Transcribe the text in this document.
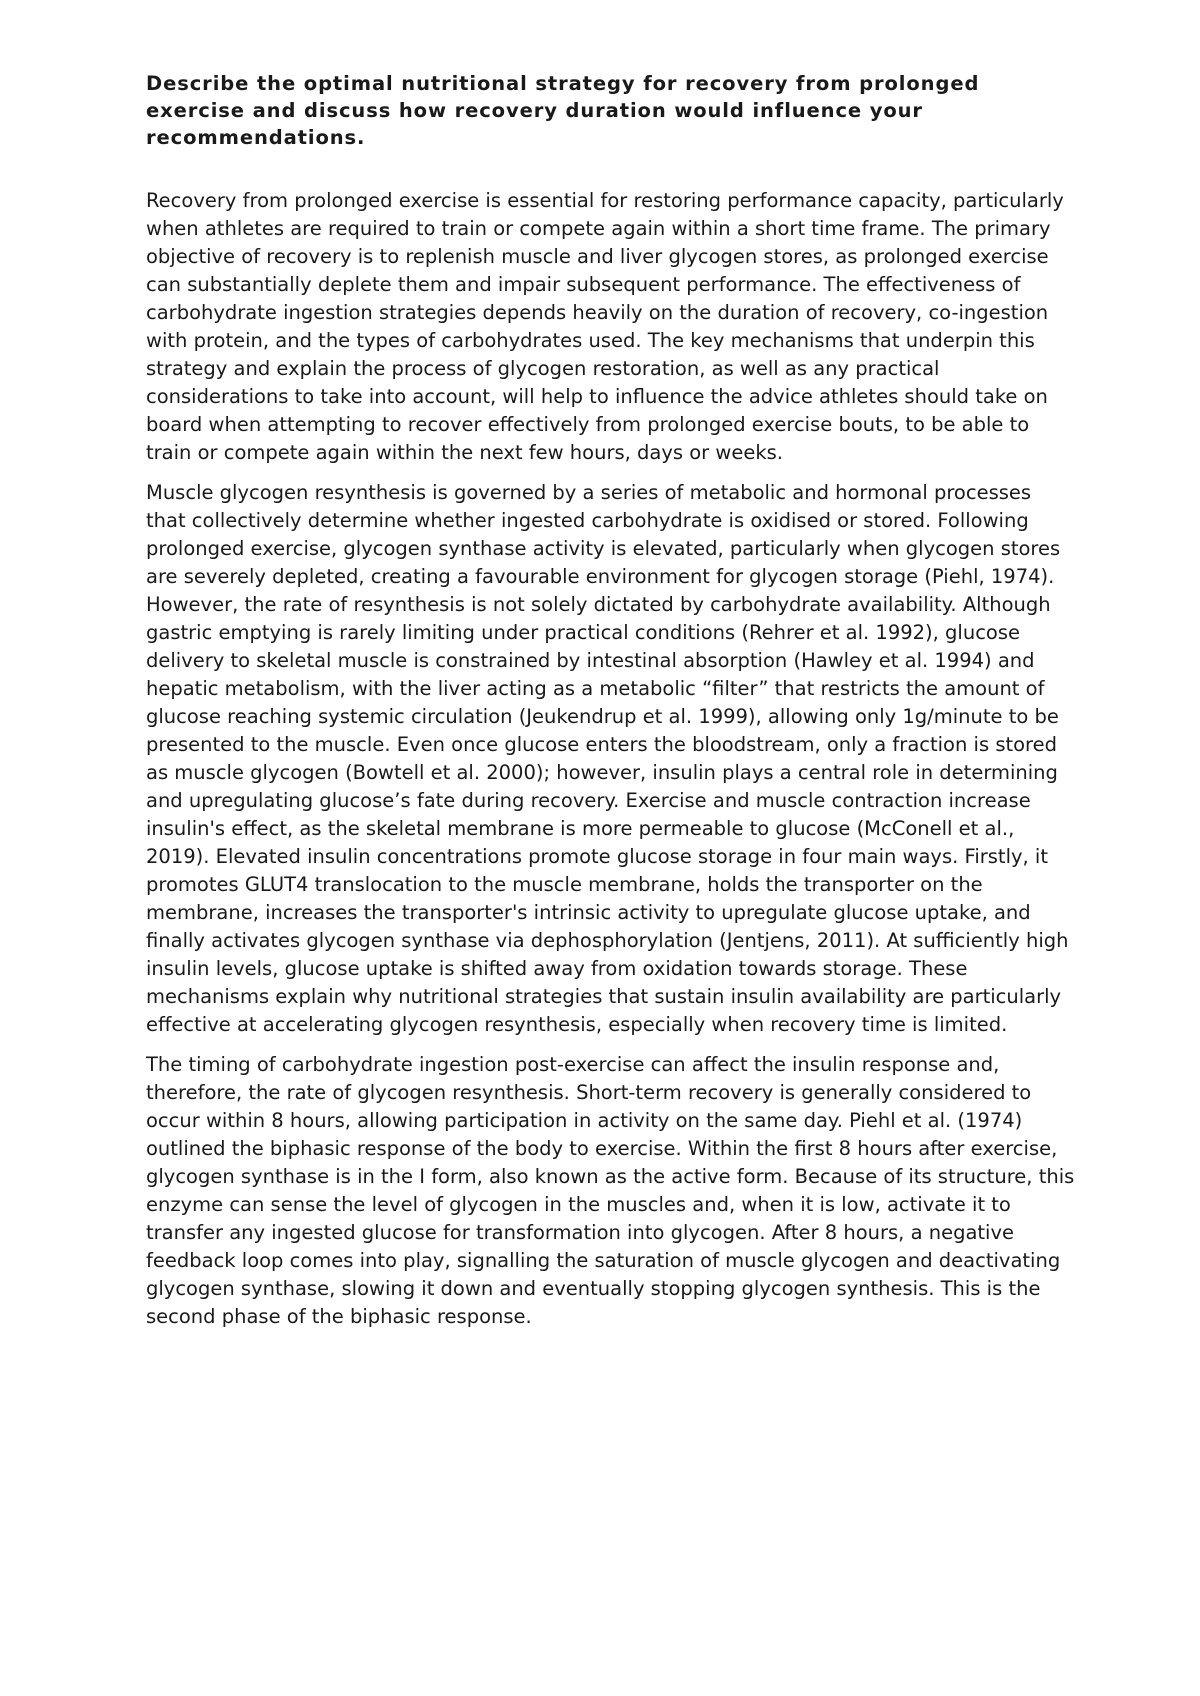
Describe the optimal nutritional strategy for recovery from prolonged exercise and discuss how recovery duration would influence your recommendations.

Recovery from prolonged exercise is essential for restoring performance capacity, particularly when athletes are required to train or compete again within a short time frame. The primary objective of recovery is to replenish muscle and liver glycogen stores, as prolonged exercise can substantially deplete them and impair subsequent performance. The effectiveness of carbohydrate ingestion strategies depends heavily on the duration of recovery, co-ingestion with protein, and the types of carbohydrates used. The key mechanisms that underpin this strategy and explain the process of glycogen restoration, as well as any practical considerations to take into account, will help to influence the advice athletes should take on board when attempting to recover effectively from prolonged exercise bouts, to be able to train or compete again within the next few hours, days or weeks.

Muscle glycogen resynthesis is governed by a series of metabolic and hormonal processes that collectively determine whether ingested carbohydrate is oxidised or stored. Following prolonged exercise, glycogen synthase activity is elevated, particularly when glycogen stores are severely depleted, creating a favourable environment for glycogen storage (Piehl, 1974). However, the rate of resynthesis is not solely dictated by carbohydrate availability. Although gastric emptying is rarely limiting under practical conditions (Rehrer et al. 1992), glucose delivery to skeletal muscle is constrained by intestinal absorption (Hawley et al. 1994) and hepatic metabolism, with the liver acting as a metabolic “filter” that restricts the amount of glucose reaching systemic circulation (Jeukendrup et al. 1999), allowing only 1g/minute to be presented to the muscle. Even once glucose enters the bloodstream, only a fraction is stored as muscle glycogen (Bowtell et al. 2000); however, insulin plays a central role in determining and upregulating glucose’s fate during recovery. Exercise and muscle contraction increase insulin's effect, as the skeletal membrane is more permeable to glucose (McConell et al., 2019). Elevated insulin concentrations promote glucose storage in four main ways. Firstly, it promotes GLUT4 translocation to the muscle membrane, holds the transporter on the membrane, increases the transporter's intrinsic activity to upregulate glucose uptake, and finally activates glycogen synthase via dephosphorylation (Jentjens, 2011). At sufficiently high insulin levels, glucose uptake is shifted away from oxidation towards storage. These mechanisms explain why nutritional strategies that sustain insulin availability are particularly effective at accelerating glycogen resynthesis, especially when recovery time is limited.

The timing of carbohydrate ingestion post-exercise can affect the insulin response and, therefore, the rate of glycogen resynthesis. Short-term recovery is generally considered to occur within 8 hours, allowing participation in activity on the same day. Piehl et al. (1974) outlined the biphasic response of the body to exercise. Within the first 8 hours after exercise, glycogen synthase is in the I form, also known as the active form. Because of its structure, this enzyme can sense the level of glycogen in the muscles and, when it is low, activate it to transfer any ingested glucose for transformation into glycogen. After 8 hours, a negative feedback loop comes into play, signalling the saturation of muscle glycogen and deactivating glycogen synthase, slowing it down and eventually stopping glycogen synthesis. This is the second phase of the biphasic response.
